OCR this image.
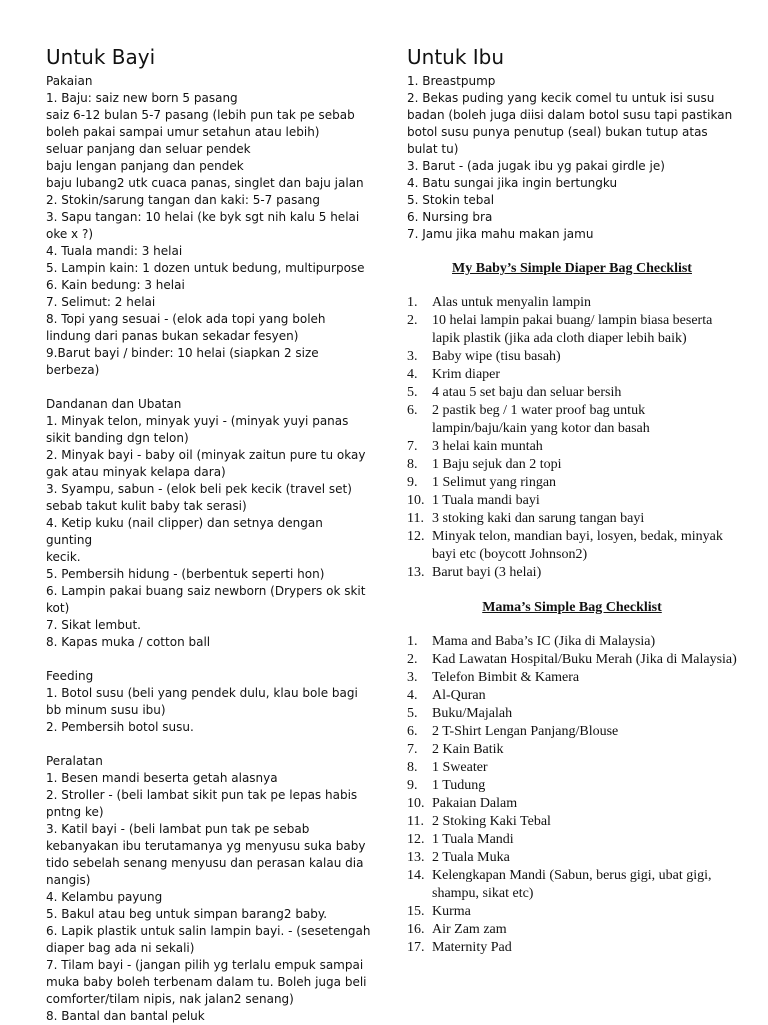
Untuk Bayi
Pakaian
1. Baju: saiz new born 5 pasang
saiz 6-12 bulan 5-7 pasang (lebih pun tak pe sebab
boleh pakai sampai umur setahun atau lebih)
seluar panjang dan seluar pendek
baju lengan panjang dan pendek
baju lubang2 utk cuaca panas, singlet dan baju jalan
2. Stokin/sarung tangan dan kaki: 5-7 pasang
3. Sapu tangan: 10 helai (ke byk sgt nih kalu 5 helai
oke x ?)
4. Tuala mandi: 3 helai
5. Lampin kain: 1 dozen untuk bedung, multipurpose
6. Kain bedung: 3 helai
7. Selimut: 2 helai
8. Topi yang sesuai - (elok ada topi yang boleh
lindung dari panas bukan sekadar fesyen)
9.Barut bayi / binder: 10 helai (siapkan 2 size
berbeza)
Dandanan dan Ubatan
1. Minyak telon, minyak yuyi - (minyak yuyi panas
sikit banding dgn telon)
2. Minyak bayi - baby oil (minyak zaitun pure tu okay
gak atau minyak kelapa dara)
3. Syampu, sabun - (elok beli pek kecik (travel set)
sebab takut kulit baby tak serasi)
4. Ketip kuku (nail clipper) dan setnya dengan gunting
kecik.
5. Pembersih hidung - (berbentuk seperti hon)
6. Lampin pakai buang saiz newborn (Drypers ok skit
kot)
7. Sikat lembut.
8. Kapas muka / cotton ball
Feeding
1. Botol susu (beli yang pendek dulu, klau bole bagi
bb minum susu ibu)
2. Pembersih botol susu.
Peralatan
1. Besen mandi beserta getah alasnya
2. Stroller - (beli lambat sikit pun tak pe lepas habis
pntng ke)
3. Katil bayi - (beli lambat pun tak pe sebab
kebanyakan ibu terutamanya yg menyusu suka baby
tido sebelah senang menyusu dan perasan kalau dia
nangis)
4. Kelambu payung
5. Bakul atau beg untuk simpan barang2 baby.
6. Lapik plastik untuk salin lampin bayi. - (sesetengah
diaper bag ada ni sekali)
7. Tilam bayi - (jangan pilih yg terlalu empuk sampai
muka baby boleh terbenam dalam tu. Boleh juga beli
comforter/tilam nipis, nak jalan2 senang)
8. Bantal dan bantal peluk
Untuk Ibu
1. Breastpump
2. Bekas puding yang kecik comel tu untuk isi susu
badan (boleh juga diisi dalam botol susu tapi pastikan
botol susu punya penutup (seal) bukan tutup atas
bulat tu)
3. Barut - (ada jugak ibu yg pakai girdle je)
4. Batu sungai jika ingin bertungku
5. Stokin tebal
6. Nursing bra
7. Jamu jika mahu makan jamu
My Baby’s Simple Diaper Bag Checklist
1.	Alas untuk menyalin lampin
2.	10 helai lampin pakai buang/ lampin biasa beserta lapik plastik (jika ada cloth diaper lebih baik)
3.	Baby wipe (tisu basah)
4.	Krim diaper
5.	4 atau 5 set baju dan seluar bersih
6.	2 pastik beg / 1 water proof bag untuk lampin/baju/kain yang kotor dan basah
7.	3 helai kain muntah
8.	1 Baju sejuk dan 2 topi
9.	1 Selimut yang ringan
10. 1 Tuala mandi bayi
11. 3 stoking kaki dan sarung tangan bayi
12. Minyak telon, mandian bayi, losyen, bedak, minyak bayi etc (boycott Johnson2)
13. Barut bayi (3 helai)
Mama’s Simple Bag Checklist
1.	Mama and Baba’s IC (Jika di Malaysia)
2.	Kad Lawatan Hospital/Buku Merah (Jika di Malaysia)
3.	Telefon Bimbit & Kamera
4.	Al-Quran
5.	Buku/Majalah
6.	2 T-Shirt Lengan Panjang/Blouse
7.	2 Kain Batik
8.	1 Sweater
9.	1 Tudung
10. Pakaian Dalam
11. 2 Stoking Kaki Tebal
12. 1 Tuala Mandi
13. 2 Tuala Muka
14. Kelengkapan Mandi (Sabun, berus gigi, ubat gigi, shampu, sikat etc)
15. Kurma
16. Air Zam zam
17. Maternity Pad
